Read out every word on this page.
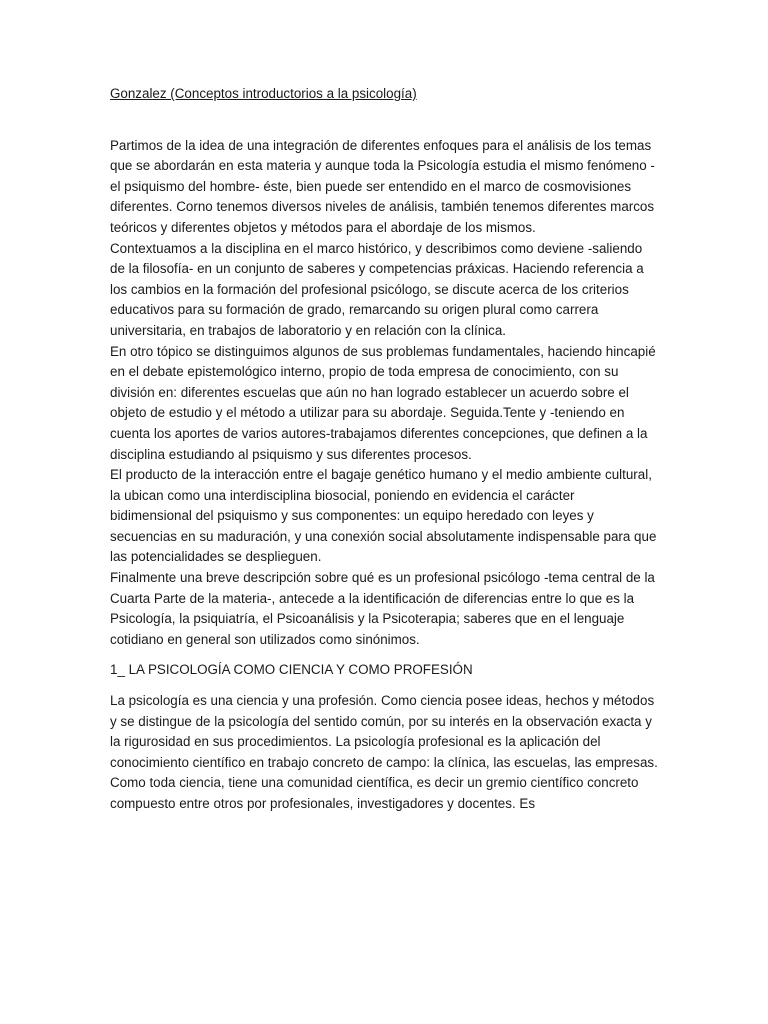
Gonzalez (Conceptos introductorios a la psicología)

Partimos de la idea de una integración de diferentes enfoques para el análisis de los temas que se abordarán en esta materia y aunque toda la Psicología estudia el mismo fenómeno -el psiquismo del hombre- éste, bien puede ser entendido en el marco de cosmovisiones diferentes. Corno tenemos diversos niveles de análisis, también tenemos diferentes marcos teóricos y diferentes objetos y métodos para el abordaje de los mismos.

Contextuamos a la disciplina en el marco histórico, y describimos como deviene -saliendo de la filosofía- en un conjunto de saberes y competencias práxicas. Haciendo referencia a los cambios en la formación del profesional psicólogo, se discute acerca de los criterios educativos para su formación de grado, remarcando su origen plural como carrera universitaria, en trabajos de laboratorio y en relación con la clínica.

En otro tópico se distinguimos algunos de sus problemas fundamentales, haciendo hincapié en el debate epistemológico interno, propio de toda empresa de conocimiento, con su división en: diferentes escuelas que aún no han logrado establecer un acuerdo sobre el objeto de estudio y el método a utilizar para su abordaje. Seguida.Tente y -teniendo en cuenta los aportes de varios autores-trabajamos diferentes concepciones, que definen a la disciplina estudiando al psiquismo y sus diferentes procesos.

El producto de la interacción entre el bagaje genético humano y el medio ambiente cultural, la ubican como una interdisciplina biosocial, poniendo en evidencia el carácter bidimensional del psiquismo y sus componentes: un equipo heredado con leyes y secuencias en su maduración, y una conexión social absolutamente indispensable para que las potencialidades se desplieguen.

Finalmente una breve descripción sobre qué es un profesional psicólogo -tema central de la Cuarta Parte de la materia-, antecede a la identificación de diferencias entre lo que es la Psicología, la psiquiatría, el Psicoanálisis y la Psicoterapia; saberes que en el lenguaje cotidiano en general son utilizados como sinónimos.

1_ LA PSICOLOGÍA COMO CIENCIA Y COMO PROFESIÓN

La psicología es una ciencia y una profesión. Como ciencia posee ideas, hechos y métodos y se distingue de la psicología del sentido común, por su interés en la observación exacta y la rigurosidad en sus procedimientos. La psicología profesional es la aplicación del conocimiento científico en trabajo concreto de campo: la clínica, las escuelas, las empresas.

Como toda ciencia, tiene una comunidad científica, es decir un gremio científico concreto compuesto entre otros por profesionales, investigadores y docentes. Es
